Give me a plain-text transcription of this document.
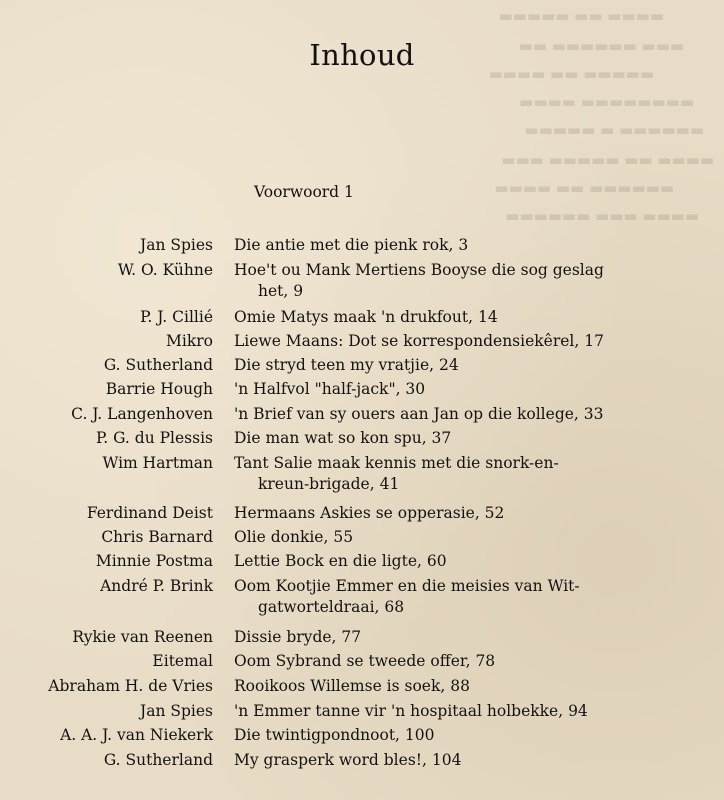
▬▬▬▬▬ ▬▬ ▬▬▬▬
▬▬ ▬▬▬▬▬▬ ▬▬▬
▬▬▬▬ ▬▬ ▬▬▬▬▬
▬▬▬▬ ▬▬▬▬▬▬▬▬
▬▬▬▬▬ ▬ ▬▬▬▬▬▬
▬▬▬ ▬▬▬▬▬ ▬▬ ▬▬▬▬
▬▬▬▬ ▬▬ ▬▬▬▬▬▬
▬▬▬▬▬▬ ▬▬▬ ▬▬▬▬
Inhoud
Voorwoord 1
Jan Spies Die antie met die pienk rok, 3
W. O. Kühne Hoe't ou Mank Mertiens Booyse die sog geslag
het, 9
P. J. Cillié Omie Matys maak 'n drukfout, 14
Mikro Liewe Maans: Dot se korrespondensiekêrel, 17
G. Sutherland Die stryd teen my vratjie, 24
Barrie Hough 'n Halfvol "half-jack", 30
C. J. Langenhoven 'n Brief van sy ouers aan Jan op die kollege, 33
P. G. du Plessis Die man wat so kon spu, 37
Wim Hartman Tant Salie maak kennis met die snork-en-
kreun-brigade, 41
Ferdinand Deist Hermaans Askies se opperasie, 52
Chris Barnard Olie donkie, 55
Minnie Postma Lettie Bock en die ligte, 60
André P. Brink Oom Kootjie Emmer en die meisies van Wit-
gatworteldraai, 68
Rykie van Reenen Dissie bryde, 77
Eitemal Oom Sybrand se tweede offer, 78
Abraham H. de Vries Rooikoos Willemse is soek, 88
Jan Spies 'n Emmer tanne vir 'n hospitaal holbekke, 94
A. A. J. van Niekerk Die twintigpondnoot, 100
G. Sutherland My grasperk word bles!, 104
